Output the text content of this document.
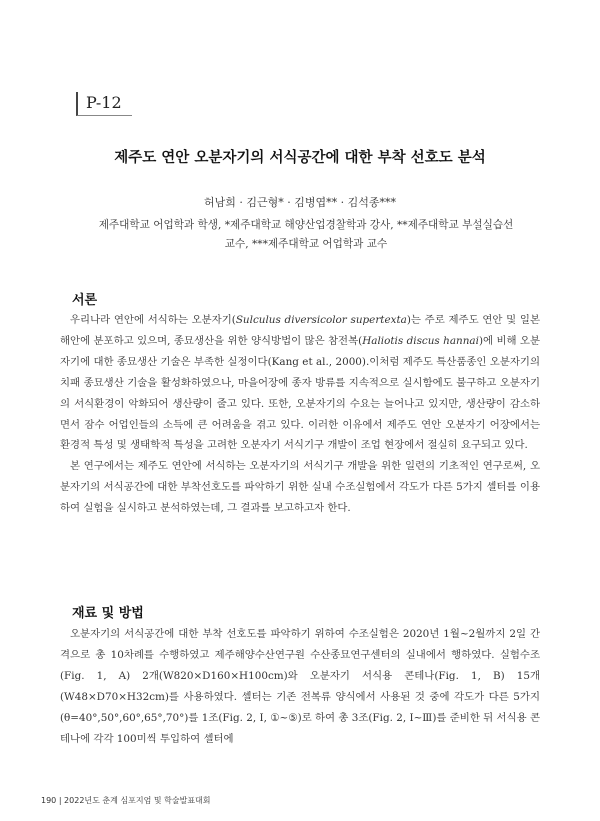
P-12
제주도 연안 오분자기의 서식공간에 대한 부착 선호도 분석
허남희 · 김근형* · 김병엽** · 김석종***
제주대학교 어업학과 학생, *제주대학교 해양산업경찰학과 강사, **제주대학교 부설실습선
교수, ***제주대학교 어업학과 교수
서론

우리나라 연안에 서식하는 오분자기(Sulculus diversicolor supertexta)는 주로 제주도 연안 및 일본 해안에 분포하고 있으며, 종묘생산을 위한 양식방법이 많은 참전복(Haliotis discus hannai)에 비해 오분자기에 대한 종묘생산 기술은 부족한 실정이다(Kang et al., 2000).이처럼 제주도 특산품종인 오분자기의 치패 종묘생산 기술을 활성화하였으나, 마을어장에 종자 방류를 지속적으로 실시함에도 불구하고 오분자기의 서식환경이 악화되어 생산량이 줄고 있다. 또한, 오분자기의 수요는 늘어나고 있지만, 생산량이 감소하면서 잠수 어업인들의 소득에 큰 어려움을 겪고 있다. 이러한 이유에서 제주도 연안 오분자기 어장에서는 환경적 특성 및 생태학적 특성을 고려한 오분자기 서식기구 개발이 조업 현장에서 절실히 요구되고 있다.

본 연구에서는 제주도 연안에 서식하는 오분자기의 서식기구 개발을 위한 일련의 기초적인 연구로써, 오분자기의 서식공간에 대한 부착선호도를 파악하기 위한 실내 수조실험에서 각도가 다른 5가지 셸터를 이용하여 실험을 실시하고 분석하였는데, 그 결과를 보고하고자 한다.

재료 및 방법

오분자기의 서식공간에 대한 부착 선호도를 파악하기 위하여 수조실험은 2020년 1월~2월까지 2일 간격으로 총 10차례를 수행하였고 제주해양수산연구원 수산종묘연구센터의 실내에서 행하였다. 실험수조(Fig. 1, A) 2개(W820×D160×H100cm)와 오분자기 서식용 콘테나(Fig. 1, B) 15개(W48×D70×H32cm)를 사용하였다. 셸터는 기존 전복류 양식에서 사용된 것 중에 각도가 다른 5가지(θ=40°,50°,60°,65°,70°)를 1조(Fig. 2, Ⅰ, ①~⑤)로 하여 총 3조(Fig. 2, Ⅰ~Ⅲ)를 준비한 뒤 서식용 콘테나에 각각 100미씩 투입하여 셸터에

190 | 2022년도 춘계 심포지엄 및 학술발표대회
